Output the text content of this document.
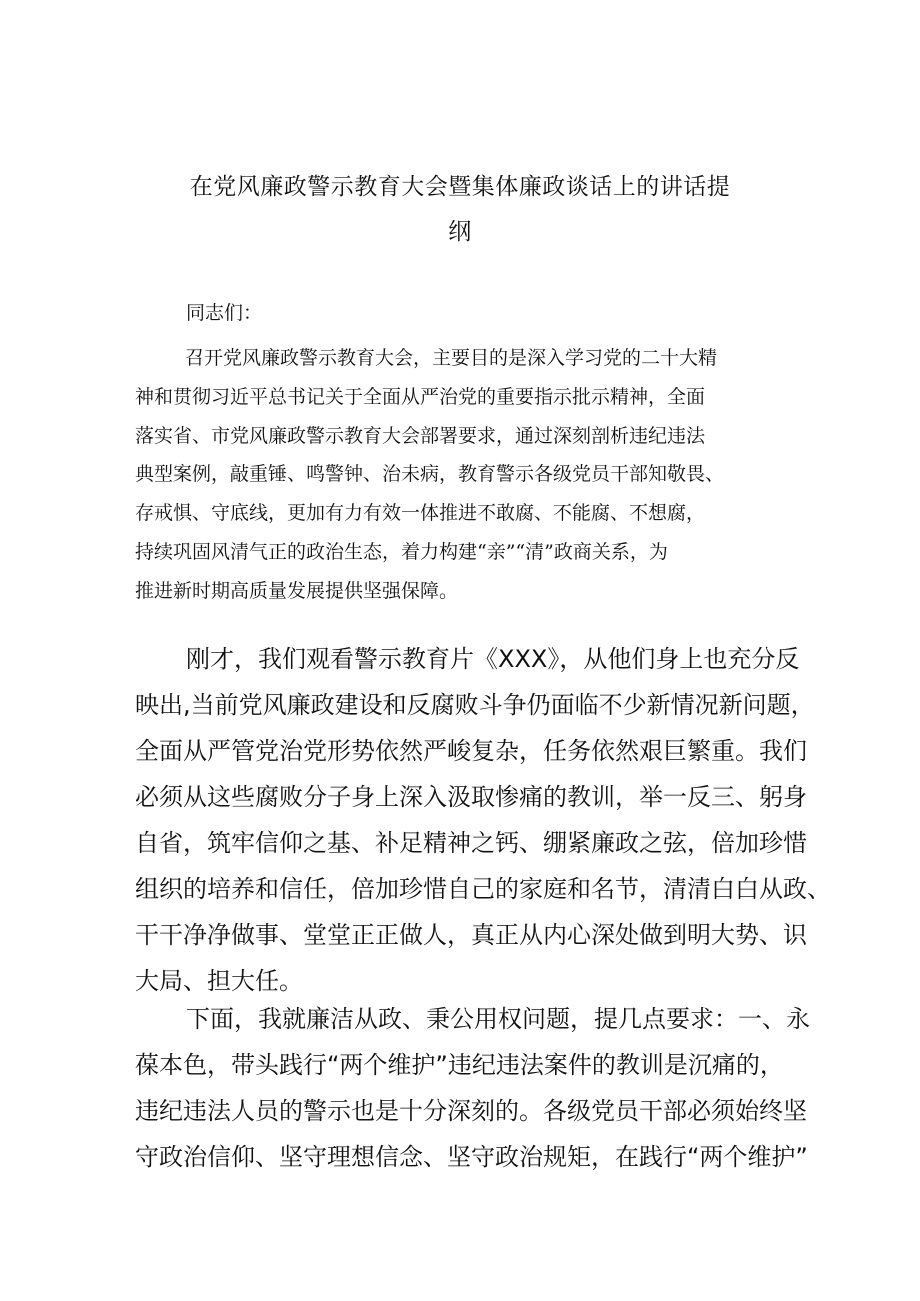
在党风廉政警示教育大会暨集体廉政谈话上的讲话提
纲

同志们：

召开党风廉政警示教育大会，主要目的是深入学习党的二十大精
神和贯彻习近平总书记关于全面从严治党的重要指示批示精神，全面
落实省、市党风廉政警示教育大会部署要求，通过深刻剖析违纪违法
典型案例，敲重锤、鸣警钟、治未病，教育警示各级党员干部知敬畏、
存戒惧、守底线，更加有力有效一体推进不敢腐、不能腐、不想腐，
持续巩固风清气正的政治生态，着力构建“亲”“清”政商关系，为
推进新时期高质量发展提供坚强保障。
刚才，我们观看警示教育片《XXX》，从他们身上也充分反
映出,当前党风廉政建设和反腐败斗争仍面临不少新情况新问题，
全面从严管党治党形势依然严峻复杂，任务依然艰巨繁重。我们
必须从这些腐败分子身上深入汲取惨痛的教训，举一反三、躬身
自省，筑牢信仰之基、补足精神之钙、绷紧廉政之弦，倍加珍惜
组织的培养和信任，倍加珍惜自己的家庭和名节，清清白白从政、
干干净净做事、堂堂正正做人，真正从内心深处做到明大势、识
大局、担大任。
下面，我就廉洁从政、秉公用权问题，提几点要求：一、永
葆本色，带头践行“两个维护”违纪违法案件的教训是沉痛的，
违纪违法人员的警示也是十分深刻的。各级党员干部必须始终坚
守政治信仰、坚守理想信念、坚守政治规矩，在践行“两个维护”
